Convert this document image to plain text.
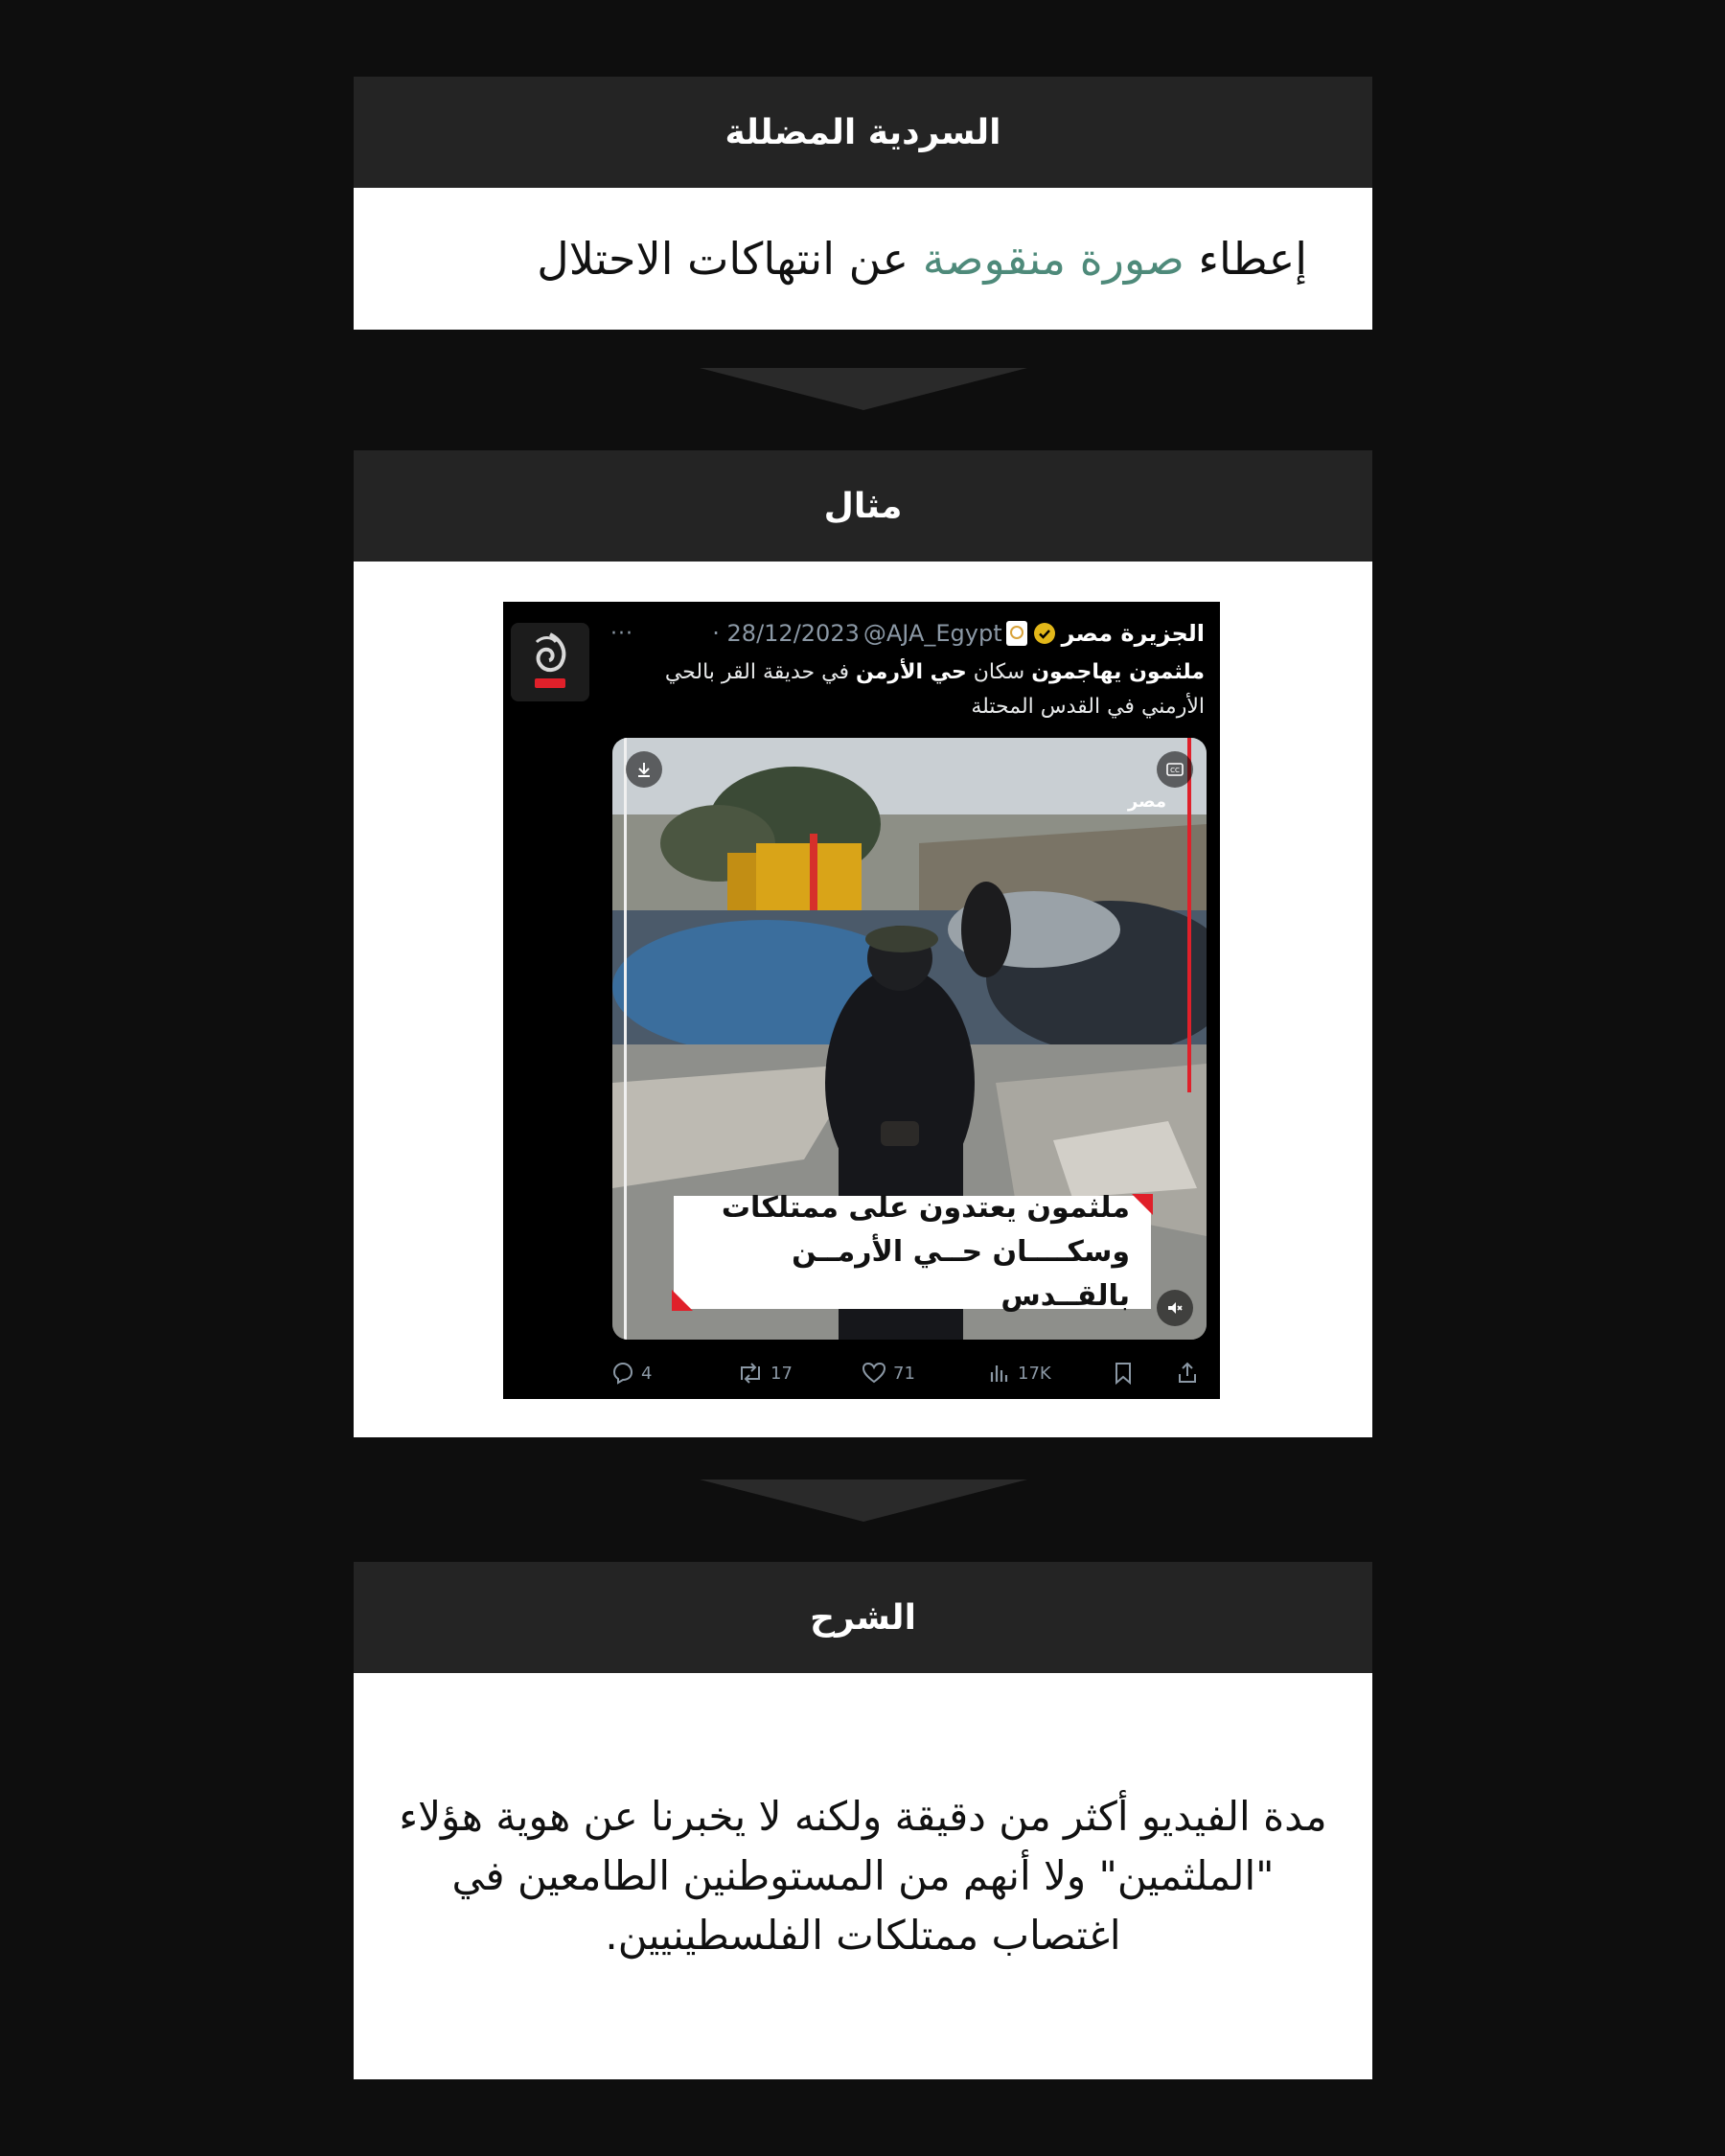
السردية المضللة
إعطاء صورة منقوصة عن انتهاكات الاحتلال
مثال
الجزيرة مصر
@AJA_Egypt
· 28/12/2023
···
ملثمون يهاجمون سكان حي الأرمن في حديقة القر بالحي الأرمني في القدس المحتلة
CC
مصر
ملثمون يعتدون على ممتلكات
وسكــــان حــي الأرمــن بالقــدس
4	17	71	17K
الشرح

مدة الفيديو أكثر من دقيقة ولكنه لا يخبرنا عن هوية هؤلاء "الملثمين" ولا أنهم من المستوطنين الطامعين في اغتصاب ممتلكات الفلسطينيين.
